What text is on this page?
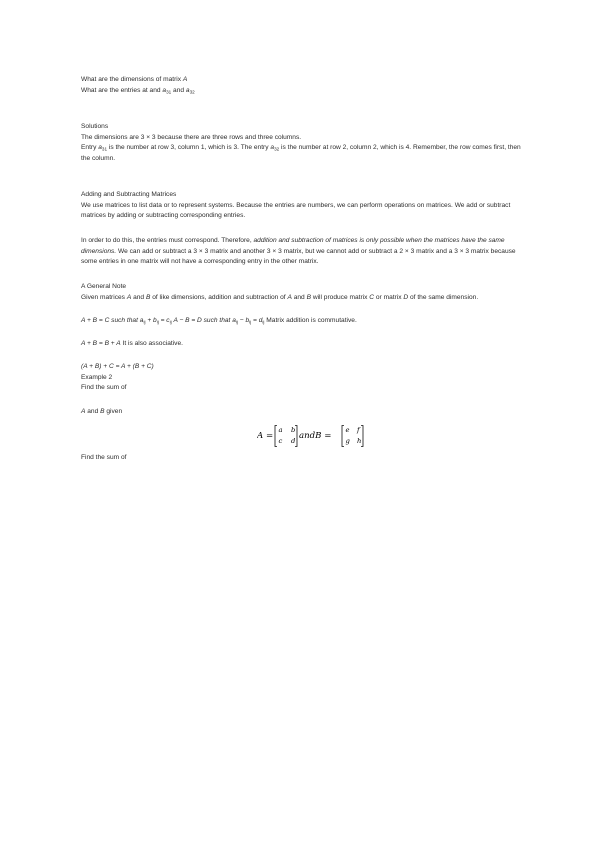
What are the dimensions of matrix A

What are the entries at and $a_{31}$ and $a_{32}$

Solutions

The dimensions are 3 × 3 because there are three rows and three columns.

Entry $a_{31}$ is the number at row 3, column 1, which is 3. The entry $a_{32}$ is the number at row 2, column 2, which is 4. Remember, the row comes first, then the column.

Adding and Subtracting Matrices

We use matrices to list data or to represent systems. Because the entries are numbers, we can perform operations on matrices. We add or subtract matrices by adding or subtracting corresponding entries.

In order to do this, the entries must correspond. Therefore, addition and subtraction of matrices is only possible when the matrices have the same dimensions. We can add or subtract a 3 × 3 matrix and another 3 × 3 matrix, but we cannot add or subtract a 2 × 3 matrix and a 3 × 3 matrix because some entries in one matrix will not have a corresponding entry in the other matrix.

A General Note

Given matrices A and B of like dimensions, addition and subtraction of A and B will produce matrix C or matrix D of the same dimension.

A + B = C such that $a_{ij} + b_{ij} = c_{ij}$ A − B = D such that $a_{ij} - b_{ij} = d_{ij}$ Matrix addition is commutative.

A + B = B + A It is also associative.

(A + B) + C = A + (B + C)

Example 2

Find the sum of

A and B given

A =
a b
c d andB =
e f
g h

Find the sum of
